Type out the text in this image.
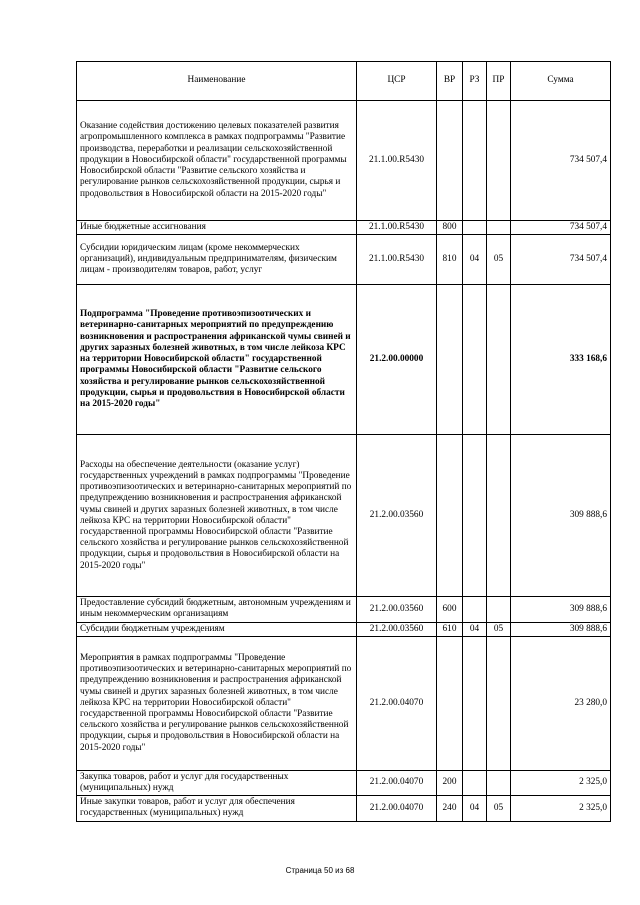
Наименование	ЦСР	ВР	РЗ	ПР	Сумма
Оказание содействия достижению целевых показателей развития агропромышленного комплекса в рамках подпрограммы "Развитие производства, переработки и реализации сельскохозяйственной продукции в Новосибирской области" государственной программы Новосибирской области "Развитие сельского хозяйства и регулирование рынков сельскохозяйственной продукции, сырья и продовольствия в Новосибирской области на 2015-2020 годы"	21.1.00.R5430				734 507,4
Иные бюджетные ассигнования	21.1.00.R5430	800			734 507,4
Субсидии юридическим лицам (кроме некоммерческих организаций), индивидуальным предпринимателям, физическим лицам - производителям товаров, работ, услуг	21.1.00.R5430	810	04	05	734 507,4
Подпрограмма "Проведение противоэпизоотических и ветеринарно-санитарных мероприятий по предупреждению возникновения и распространения африканской чумы свиней и других заразных болезней животных, в том числе лейкоза КРС на территории Новосибирской области" государственной программы Новосибирской области "Развитие сельского хозяйства и регулирование рынков сельскохозяйственной продукции, сырья и продовольствия в Новосибирской области на 2015-2020 годы"	21.2.00.00000				333 168,6
Расходы на обеспечение деятельности (оказание услуг) государственных учреждений в рамках подпрограммы "Проведение противоэпизоотических и ветеринарно-санитарных мероприятий по предупреждению возникновения и распространения африканской чумы свиней и других заразных болезней животных, в том числе лейкоза КРС на территории Новосибирской области" государственной программы Новосибирской области "Развитие сельского хозяйства и регулирование рынков сельскохозяйственной продукции, сырья и продовольствия в Новосибирской области на 2015-2020 годы"	21.2.00.03560				309 888,6
Предоставление субсидий бюджетным, автономным учреждениям и иным некоммерческим организациям	21.2.00.03560	600			309 888,6
Субсидии бюджетным учреждениям	21.2.00.03560	610	04	05	309 888,6
Мероприятия в рамках подпрограммы "Проведение противоэпизоотических и ветеринарно-санитарных мероприятий по предупреждению возникновения и распространения африканской чумы свиней и других заразных болезней животных, в том числе лейкоза КРС на территории Новосибирской области" государственной программы Новосибирской области "Развитие сельского хозяйства и регулирование рынков сельскохозяйственной продукции, сырья и продовольствия в Новосибирской области на 2015-2020 годы"	21.2.00.04070				23 280,0
Закупка товаров, работ и услуг для государственных (муниципальных) нужд	21.2.00.04070	200			2 325,0
Иные закупки товаров, работ и услуг для обеспечения государственных (муниципальных) нужд	21.2.00.04070	240	04	05	2 325,0
Страница 50 из 68
